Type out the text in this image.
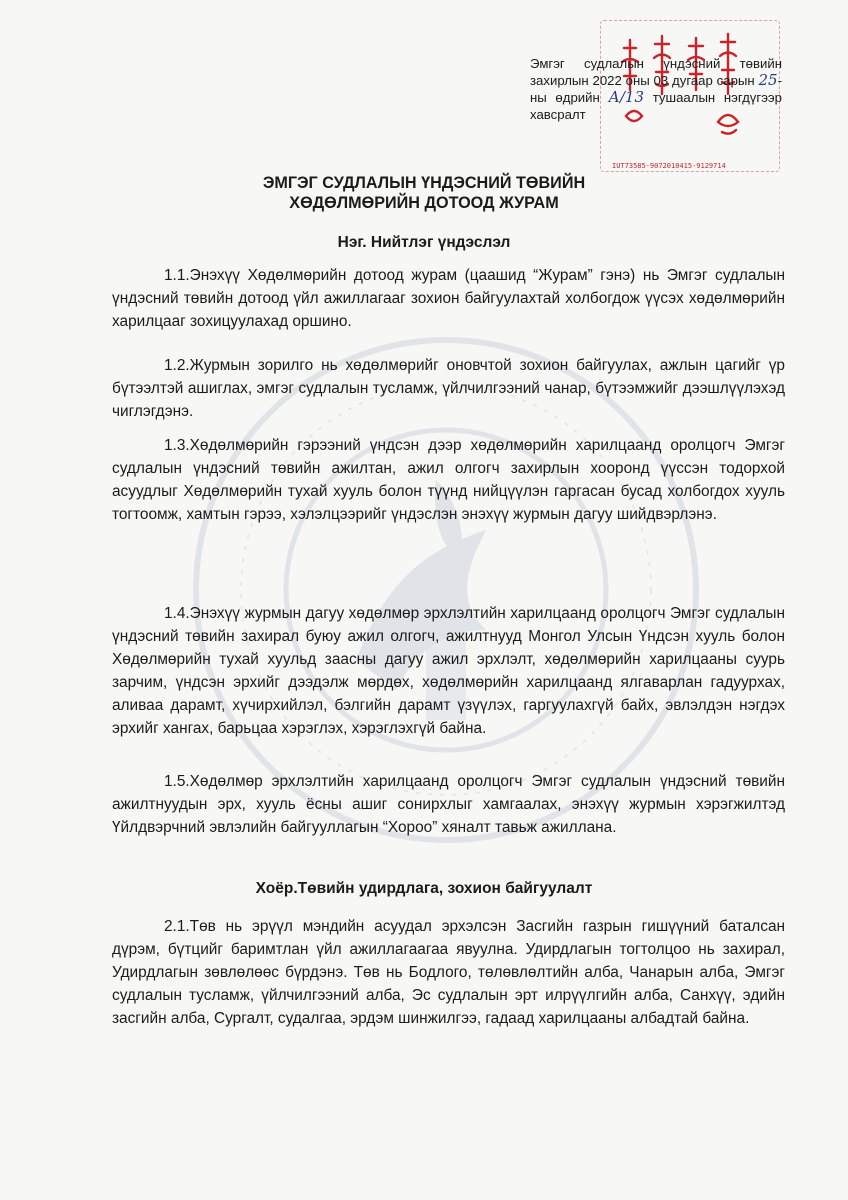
IUT73585-9072010415-9129714
Эмгэг судлалын үндэсний төвийн захирлын 2022 оны 03 дугаар сарын 25-ны өдрийн А/13 тушаалын нэгдүгээр хавсралт
ЭМГЭГ СУДЛАЛЫН ҮНДЭСНИЙ ТӨВИЙН
ХӨДӨЛМӨРИЙН ДОТООД ЖУРАМ
Нэг. Нийтлэг үндэслэл
1.1.Энэхүү Хөдөлмөрийн дотоод журам (цаашид “Журам” гэнэ) нь Эмгэг судлалын үндэсний төвийн дотоод үйл ажиллагааг зохион байгуулахтай холбогдож үүсэх хөдөлмөрийн харилцааг зохицуулахад оршино.
1.2.Журмын зорилго нь хөдөлмөрийг оновчтой зохион байгуулах, ажлын цагийг үр бүтээлтэй ашиглах, эмгэг судлалын тусламж, үйлчилгээний чанар, бүтээмжийг дээшлүүлэхэд чиглэгдэнэ.
1.3.Хөдөлмөрийн гэрээний үндсэн дээр хөдөлмөрийн харилцаанд оролцогч Эмгэг судлалын үндэсний төвийн ажилтан, ажил олгогч захирлын хооронд үүссэн тодорхой асуудлыг Хөдөлмөрийн тухай хууль болон түүнд нийцүүлэн гаргасан бусад холбогдох хууль тогтоомж, хамтын гэрээ, хэлэлцээрийг үндэслэн энэхүү журмын дагуу шийдвэрлэнэ.
1.4.Энэхүү журмын дагуу хөдөлмөр эрхлэлтийн харилцаанд оролцогч Эмгэг судлалын үндэсний төвийн захирал буюу ажил олгогч, ажилтнууд Монгол Улсын Үндсэн хууль болон Хөдөлмөрийн тухай хуульд заасны дагуу ажил эрхлэлт, хөдөлмөрийн харилцааны суурь зарчим, үндсэн эрхийг дээдэлж мөрдөх, хөдөлмөрийн харилцаанд ялгаварлан гадуурхах, аливаа дарамт, хүчирхийлэл, бэлгийн дарамт үзүүлэх, гаргуулахгүй байх, эвлэлдэн нэгдэх эрхийг хангах, барьцаа хэрэглэх, хэрэглэхгүй байна.
1.5.Хөдөлмөр эрхлэлтийн харилцаанд оролцогч Эмгэг судлалын үндэсний төвийн ажилтнуудын эрх, хууль ёсны ашиг сонирхлыг хамгаалах, энэхүү журмын хэрэгжилтэд Үйлдвэрчний эвлэлийн байгууллагын “Хороо” хяналт тавьж ажиллана.
Хоёр.Төвийн удирдлага, зохион байгуулалт
2.1.Төв нь эрүүл мэндийн асуудал эрхэлсэн Засгийн газрын гишүүний баталсан дүрэм, бүтцийг баримтлан үйл ажиллагаагаа явуулна. Удирдлагын тогтолцоо нь захирал, Удирдлагын зөвлөлөөс бүрдэнэ. Төв нь Бодлого, төлөвлөлтийн алба, Чанарын алба, Эмгэг судлалын тусламж, үйлчилгээний алба, Эс судлалын эрт илрүүлгийн алба, Санхүү, эдийн засгийн алба, Сургалт, судалгаа, эрдэм шинжилгээ, гадаад харилцааны албадтай байна.
